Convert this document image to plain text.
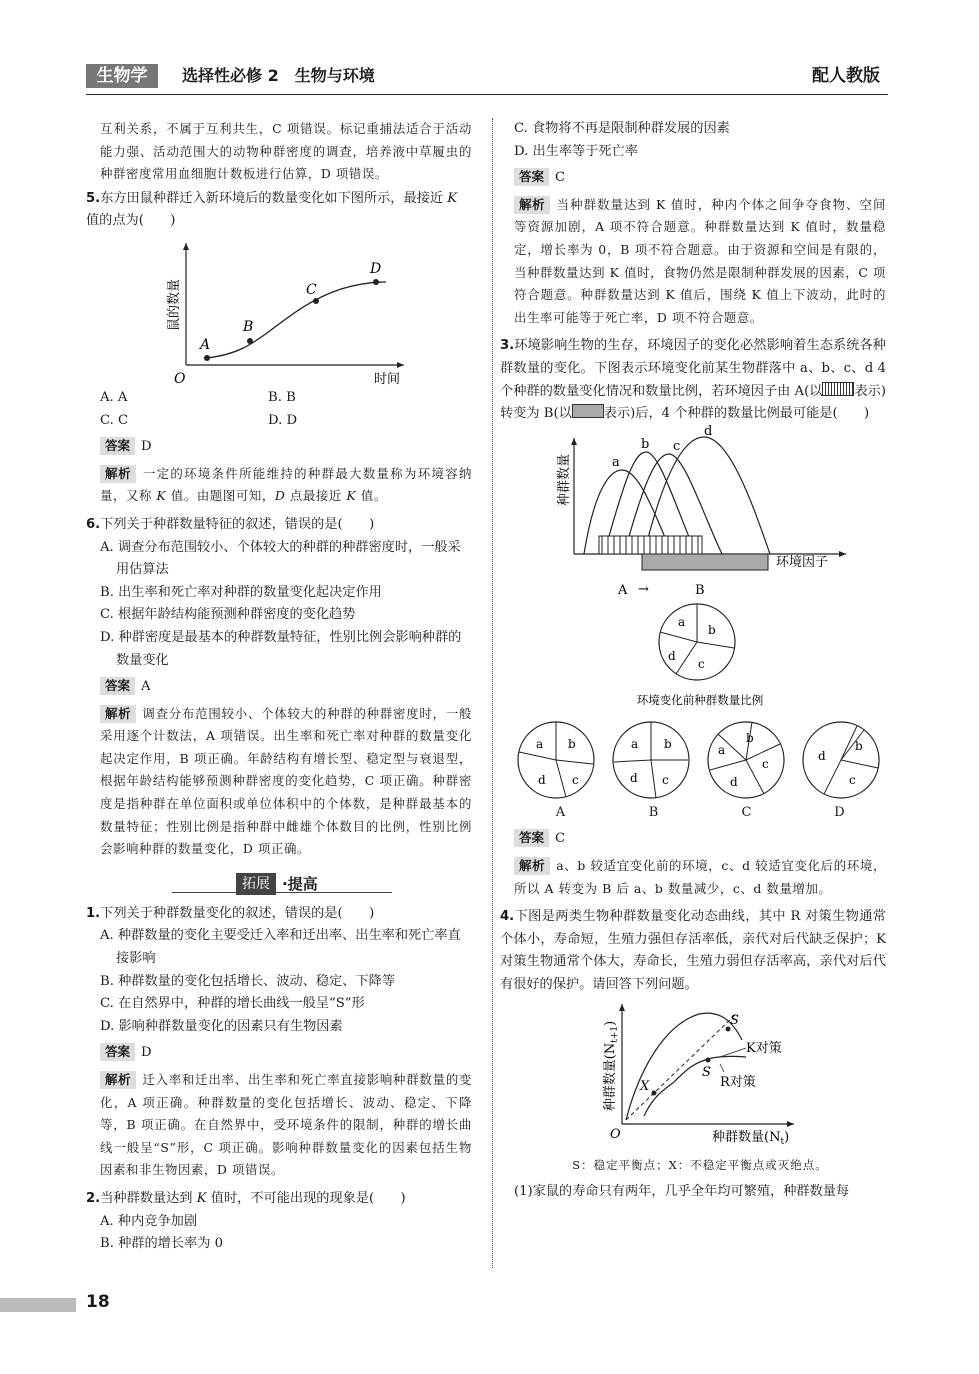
生物学	选择性必修 2　生物与环境	配人教版

互利关系，不属于互利共生，C 项错误。标记重捕法适合于活动能力强、活动范围大的动物种群密度的调查，培养液中草履虫的种群密度常用血细胞计数板进行估算，D 项错误。

5.东方田鼠种群迁入新环境后的数量变化如下图所示，最接近 K 值的点为(　　)

A
B
C
D
O	时间
鼠的数量
A. A	B. B
C. C	D. D

答案 D

解析 一定的环境条件所能维持的种群最大数量称为环境容纳量，又称 K 值。由题图可知，D 点最接近 K 值。

6.下列关于种群数量特征的叙述，错误的是(　　)

A. 调查分布范围较小、个体较大的种群的种群密度时，一般采用估算法

B. 出生率和死亡率对种群的数量变化起决定作用

C. 根据年龄结构能预测种群密度的变化趋势

D. 种群密度是最基本的种群数量特征，性别比例会影响种群的数量变化

答案 A

解析 调查分布范围较小、个体较大的种群的种群密度时，一般采用逐个计数法，A 项错误。出生率和死亡率对种群的数量变化起决定作用，B 项正确。年龄结构有增长型、稳定型与衰退型，根据年龄结构能够预测种群密度的变化趋势，C 项正确。种群密度是指种群在单位面积或单位体积中的个体数，是种群最基本的数量特征；性别比例是指种群中雌雄个体数目的比例，性别比例会影响种群的数量变化，D 项正确。

拓展 ·提高

1.下列关于种群数量变化的叙述，错误的是(　　)

A. 种群数量的变化主要受迁入率和迁出率、出生率和死亡率直接影响

B. 种群数量的变化包括增长、波动、稳定、下降等

C. 在自然界中，种群的增长曲线一般呈“S”形

D. 影响种群数量变化的因素只有生物因素

答案 D

解析 迁入率和迁出率、出生率和死亡率直接影响种群数量的变化，A 项正确。种群数量的变化包括增长、波动、稳定、下降等，B 项正确。在自然界中，受环境条件的限制，种群的增长曲线一般呈“S”形，C 项正确。影响种群数量变化的因素包括生物因素和非生物因素，D 项错误。

2.当种群数量达到 K 值时，不可能出现的现象是(　　)

A. 种内竞争加剧

B. 种群的增长率为 0

C. 食物将不再是限制种群发展的因素

D. 出生率等于死亡率

答案 C

解析 当种群数量达到 K 值时，种内个体之间争夺食物、空间等资源加剧，A 项不符合题意。种群数量达到 K 值时，数量稳定，增长率为 0，B 项不符合题意。由于资源和空间是有限的，当种群数量达到 K 值时，食物仍然是限制种群发展的因素，C 项符合题意。种群数量达到 K 值后，围绕 K 值上下波动，此时的出生率可能等于死亡率，D 项不符合题意。

3.环境影响生物的生存，环境因子的变化必然影响着生态系统各种群数量的变化。下图表示环境变化前某生物群落中 a、b、c、d 4 个种群的数量变化情况和数量比例，若环境因子由 A(以 表示)转变为 B(以 表示)后，4 个种群的数量比例最可能是(　　)

种群数量	a
b c
d
环境因子
A →	B
a
b
c
d
环境变化前种群数量比例
a b
c
d
a b
c
d
a
b
c
d
d
b
c
A	B	C	D

答案 C

解析 a、b 较适宜变化前的环境，c、d 较适宜变化后的环境，所以 A 转变为 B 后 a、b 数量减少，c、d 数量增加。

4.下图是两类生物种群数量变化动态曲线，其中 R 对策生物通常个体小，寿命短，生殖力强但存活率低，亲代对后代缺乏保护；K 对策生物通常个体大，寿命长，生殖力弱但存活率高，亲代对后代有很好的保护。请回答下列问题。

X
S
S
K对策
R对策
O	种群数量$(N_t)$
种群数量$(N_{t+1})$

S：稳定平衡点；X：不稳定平衡点或灭绝点。

(1)家鼠的寿命只有两年，几乎全年均可繁殖，种群数量每

18
